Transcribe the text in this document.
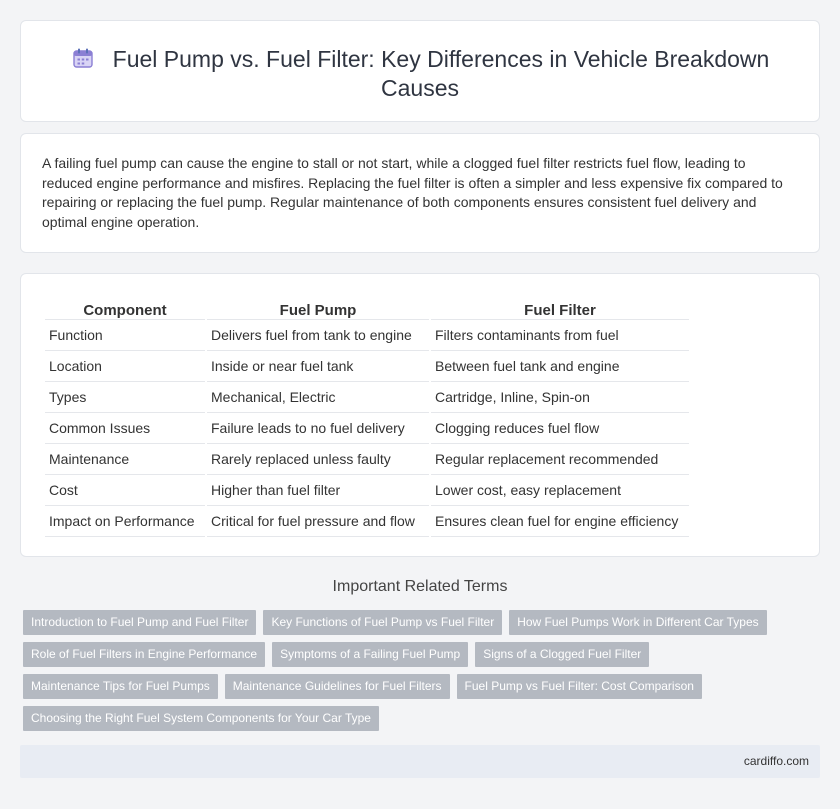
Fuel Pump vs. Fuel Filter: Key Differences in Vehicle Breakdown Causes

A failing fuel pump can cause the engine to stall or not start, while a clogged fuel filter restricts fuel flow, leading to reduced engine performance and misfires. Replacing the fuel filter is often a simpler and less expensive fix compared to repairing or replacing the fuel pump. Regular maintenance of both components ensures consistent fuel delivery and optimal engine operation.

Component	Fuel Pump	Fuel Filter
Function	Delivers fuel from tank to engine	Filters contaminants from fuel
Location	Inside or near fuel tank	Between fuel tank and engine
Types	Mechanical, Electric	Cartridge, Inline, Spin-on
Common Issues	Failure leads to no fuel delivery	Clogging reduces fuel flow
Maintenance	Rarely replaced unless faulty	Regular replacement recommended
Cost	Higher than fuel filter	Lower cost, easy replacement
Impact on Performance	Critical for fuel pressure and flow	Ensures clean fuel for engine efficiency
Important Related Terms
Introduction to Fuel Pump and Fuel Filter	Key Functions of Fuel Pump vs Fuel Filter	How Fuel Pumps Work in Different Car Types
Role of Fuel Filters in Engine Performance	Symptoms of a Failing Fuel Pump	Signs of a Clogged Fuel Filter
Maintenance Tips for Fuel Pumps	Maintenance Guidelines for Fuel Filters	Fuel Pump vs Fuel Filter: Cost Comparison
Choosing the Right Fuel System Components for Your Car Type
cardiffo.com
